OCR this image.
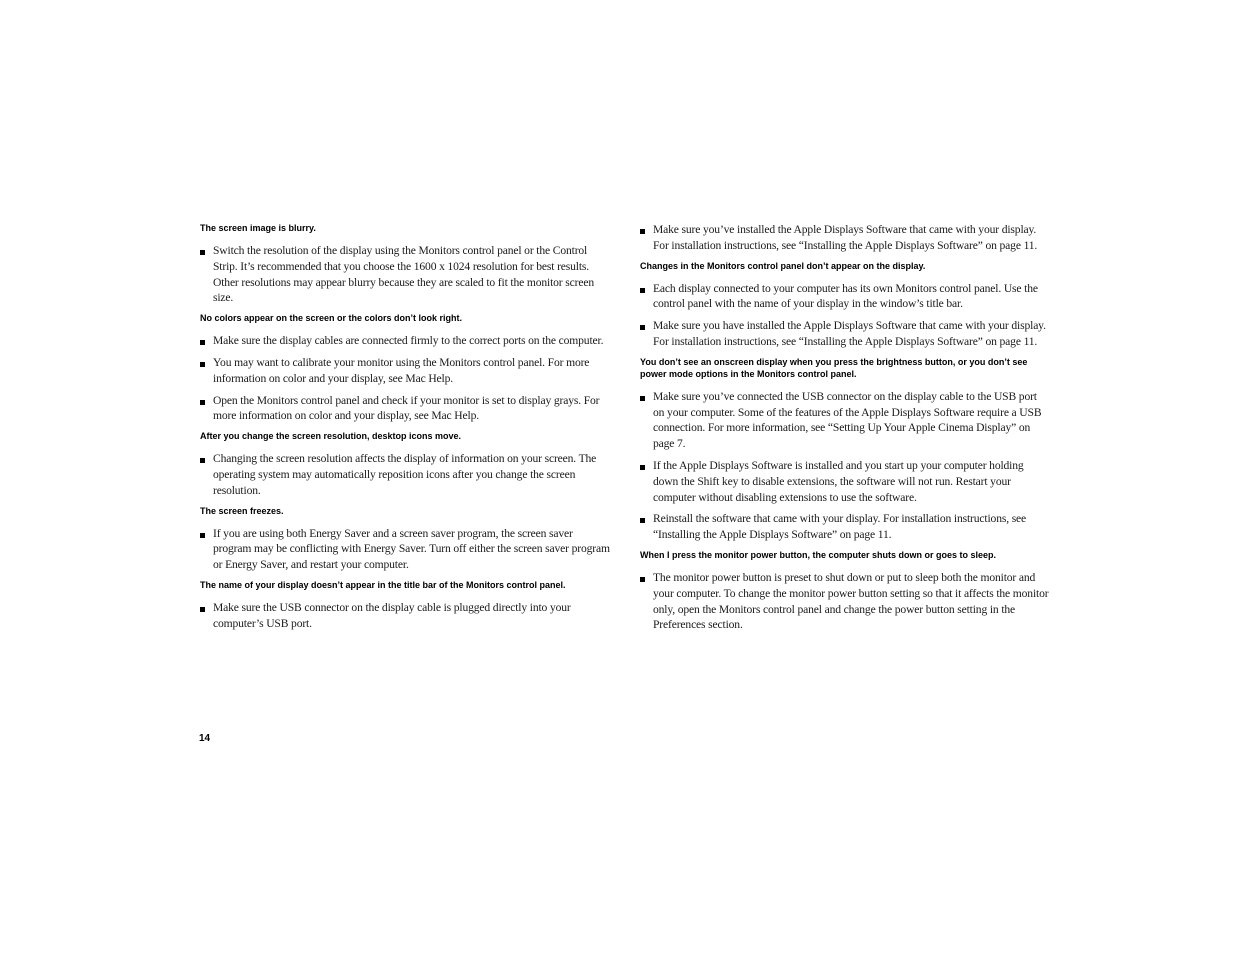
The screen image is blurry.
Switch the resolution of the display using the Monitors control panel or the Control Strip. It’s recommended that you choose the 1600 x 1024 resolution for best results. Other resolutions may appear blurry because they are scaled to fit the monitor screen size.
No colors appear on the screen or the colors don’t look right.
Make sure the display cables are connected firmly to the correct ports on the computer.
You may want to calibrate your monitor using the Monitors control panel. For more information on color and your display, see Mac Help.
Open the Monitors control panel and check if your monitor is set to display grays. For more information on color and your display, see Mac Help.
After you change the screen resolution, desktop icons move.
Changing the screen resolution affects the display of information on your screen. The operating system may automatically reposition icons after you change the screen resolution.
The screen freezes.
If you are using both Energy Saver and a screen saver program, the screen saver program may be conflicting with Energy Saver. Turn off either the screen saver program or Energy Saver, and restart your computer.
The name of your display doesn’t appear in the title bar of the Monitors control panel.
Make sure the USB connector on the display cable is plugged directly into your computer’s USB port.
Make sure you’ve installed the Apple Displays Software that came with your display. For installation instructions, see “Installing the Apple Displays Software” on page 11.
Changes in the Monitors control panel don’t appear on the display.
Each display connected to your computer has its own Monitors control panel. Use the control panel with the name of your display in the window’s title bar.
Make sure you have installed the Apple Displays Software that came with your display. For installation instructions, see “Installing the Apple Displays Software” on page 11.
You don’t see an onscreen display when you press the brightness button, or you don’t see power mode options in the Monitors control panel.
Make sure you’ve connected the USB connector on the display cable to the USB port on your computer. Some of the features of the Apple Displays Software require a USB connection. For more information, see “Setting Up Your Apple Cinema Display” on page 7.
If the Apple Displays Software is installed and you start up your computer holding down the Shift key to disable extensions, the software will not run. Restart your computer without disabling extensions to use the software.
Reinstall the software that came with your display. For installation instructions, see “Installing the Apple Displays Software” on page 11.
When I press the monitor power button, the computer shuts down or goes to sleep.
The monitor power button is preset to shut down or put to sleep both the monitor and your computer. To change the monitor power button setting so that it affects the monitor only, open the Monitors control panel and change the power button setting in the Preferences section.
14
